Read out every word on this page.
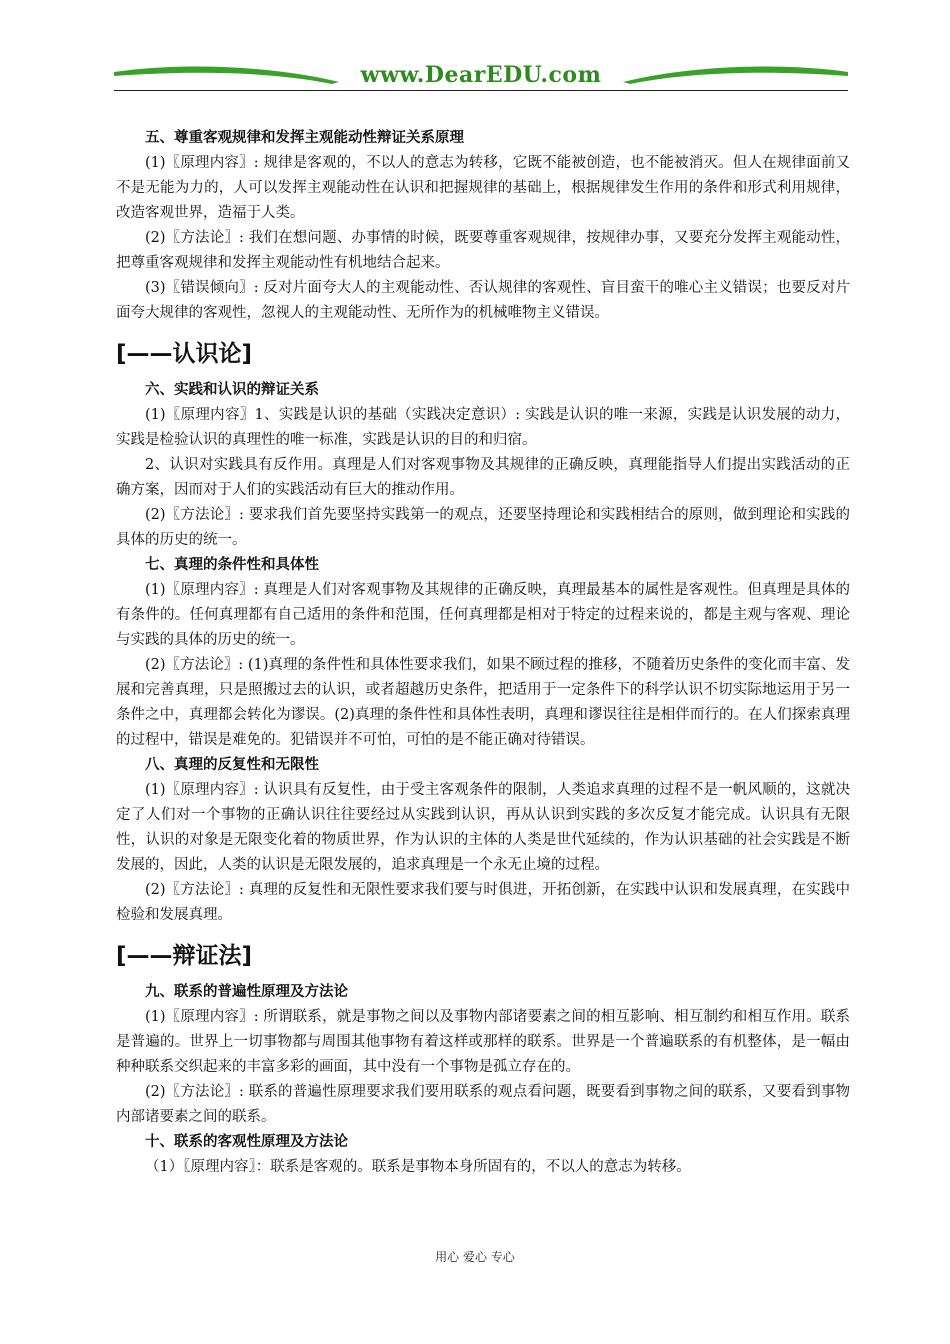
www.DearEDU.com
五、尊重客观规律和发挥主观能动性辩证关系原理
(1)〖原理内容〗: 规律是客观的，不以人的意志为转移，它既不能被创造，也不能被消灭。但人在规律面前又不是无能为力的，人可以发挥主观能动性在认识和把握规律的基础上，根据规律发生作用的条件和形式利用规律，改造客观世界，造福于人类。
(2)〖方法论〗: 我们在想问题、办事情的时候，既要尊重客观规律，按规律办事，又要充分发挥主观能动性，把尊重客观规律和发挥主观能动性有机地结合起来。
(3)〖错误倾向〗: 反对片面夸大人的主观能动性、否认规律的客观性、盲目蛮干的唯心主义错误；也要反对片面夸大规律的客观性，忽视人的主观能动性、无所作为的机械唯物主义错误。
[——认识论]
六、实践和认识的辩证关系
(1)〖原理内容〗1、实践是认识的基础（实践决定意识）: 实践是认识的唯一来源，实践是认识发展的动力，实践是检验认识的真理性的唯一标准，实践是认识的目的和归宿。
2、认识对实践具有反作用。真理是人们对客观事物及其规律的正确反映，真理能指导人们提出实践活动的正确方案，因而对于人们的实践活动有巨大的推动作用。
(2)〖方法论〗: 要求我们首先要坚持实践第一的观点，还要坚持理论和实践相结合的原则，做到理论和实践的具体的历史的统一。
七、真理的条件性和具体性
(1)〖原理内容〗: 真理是人们对客观事物及其规律的正确反映，真理最基本的属性是客观性。但真理是具体的有条件的。任何真理都有自己适用的条件和范围，任何真理都是相对于特定的过程来说的，都是主观与客观、理论与实践的具体的历史的统一。
(2)〖方法论〗: (1)真理的条件性和具体性要求我们，如果不顾过程的推移，不随着历史条件的变化而丰富、发展和完善真理，只是照搬过去的认识，或者超越历史条件，把适用于一定条件下的科学认识不切实际地运用于另一条件之中，真理都会转化为谬误。(2)真理的条件性和具体性表明，真理和谬误往往是相伴而行的。在人们探索真理的过程中，错误是难免的。犯错误并不可怕，可怕的是不能正确对待错误。
八、真理的反复性和无限性
(1)〖原理内容〗: 认识具有反复性，由于受主客观条件的限制，人类追求真理的过程不是一帆风顺的，这就决定了人们对一个事物的正确认识往往要经过从实践到认识，再从认识到实践的多次反复才能完成。认识具有无限性，认识的对象是无限变化着的物质世界，作为认识的主体的人类是世代延续的，作为认识基础的社会实践是不断发展的，因此，人类的认识是无限发展的，追求真理是一个永无止境的过程。
(2)〖方法论〗: 真理的反复性和无限性要求我们要与时俱进，开拓创新，在实践中认识和发展真理，在实践中检验和发展真理。
[——辩证法]
九、联系的普遍性原理及方法论
(1)〖原理内容〗: 所谓联系，就是事物之间以及事物内部诸要素之间的相互影响、相互制约和相互作用。联系是普遍的。世界上一切事物都与周围其他事物有着这样或那样的联系。世界是一个普遍联系的有机整体，是一幅由种种联系交织起来的丰富多彩的画面，其中没有一个事物是孤立存在的。
(2)〖方法论〗: 联系的普遍性原理要求我们要用联系的观点看问题，既要看到事物之间的联系，又要看到事物内部诸要素之间的联系。
十、联系的客观性原理及方法论
（1）〖原理内容〗：联系是客观的。联系是事物本身所固有的，不以人的意志为转移。
用心 爱心 专心
